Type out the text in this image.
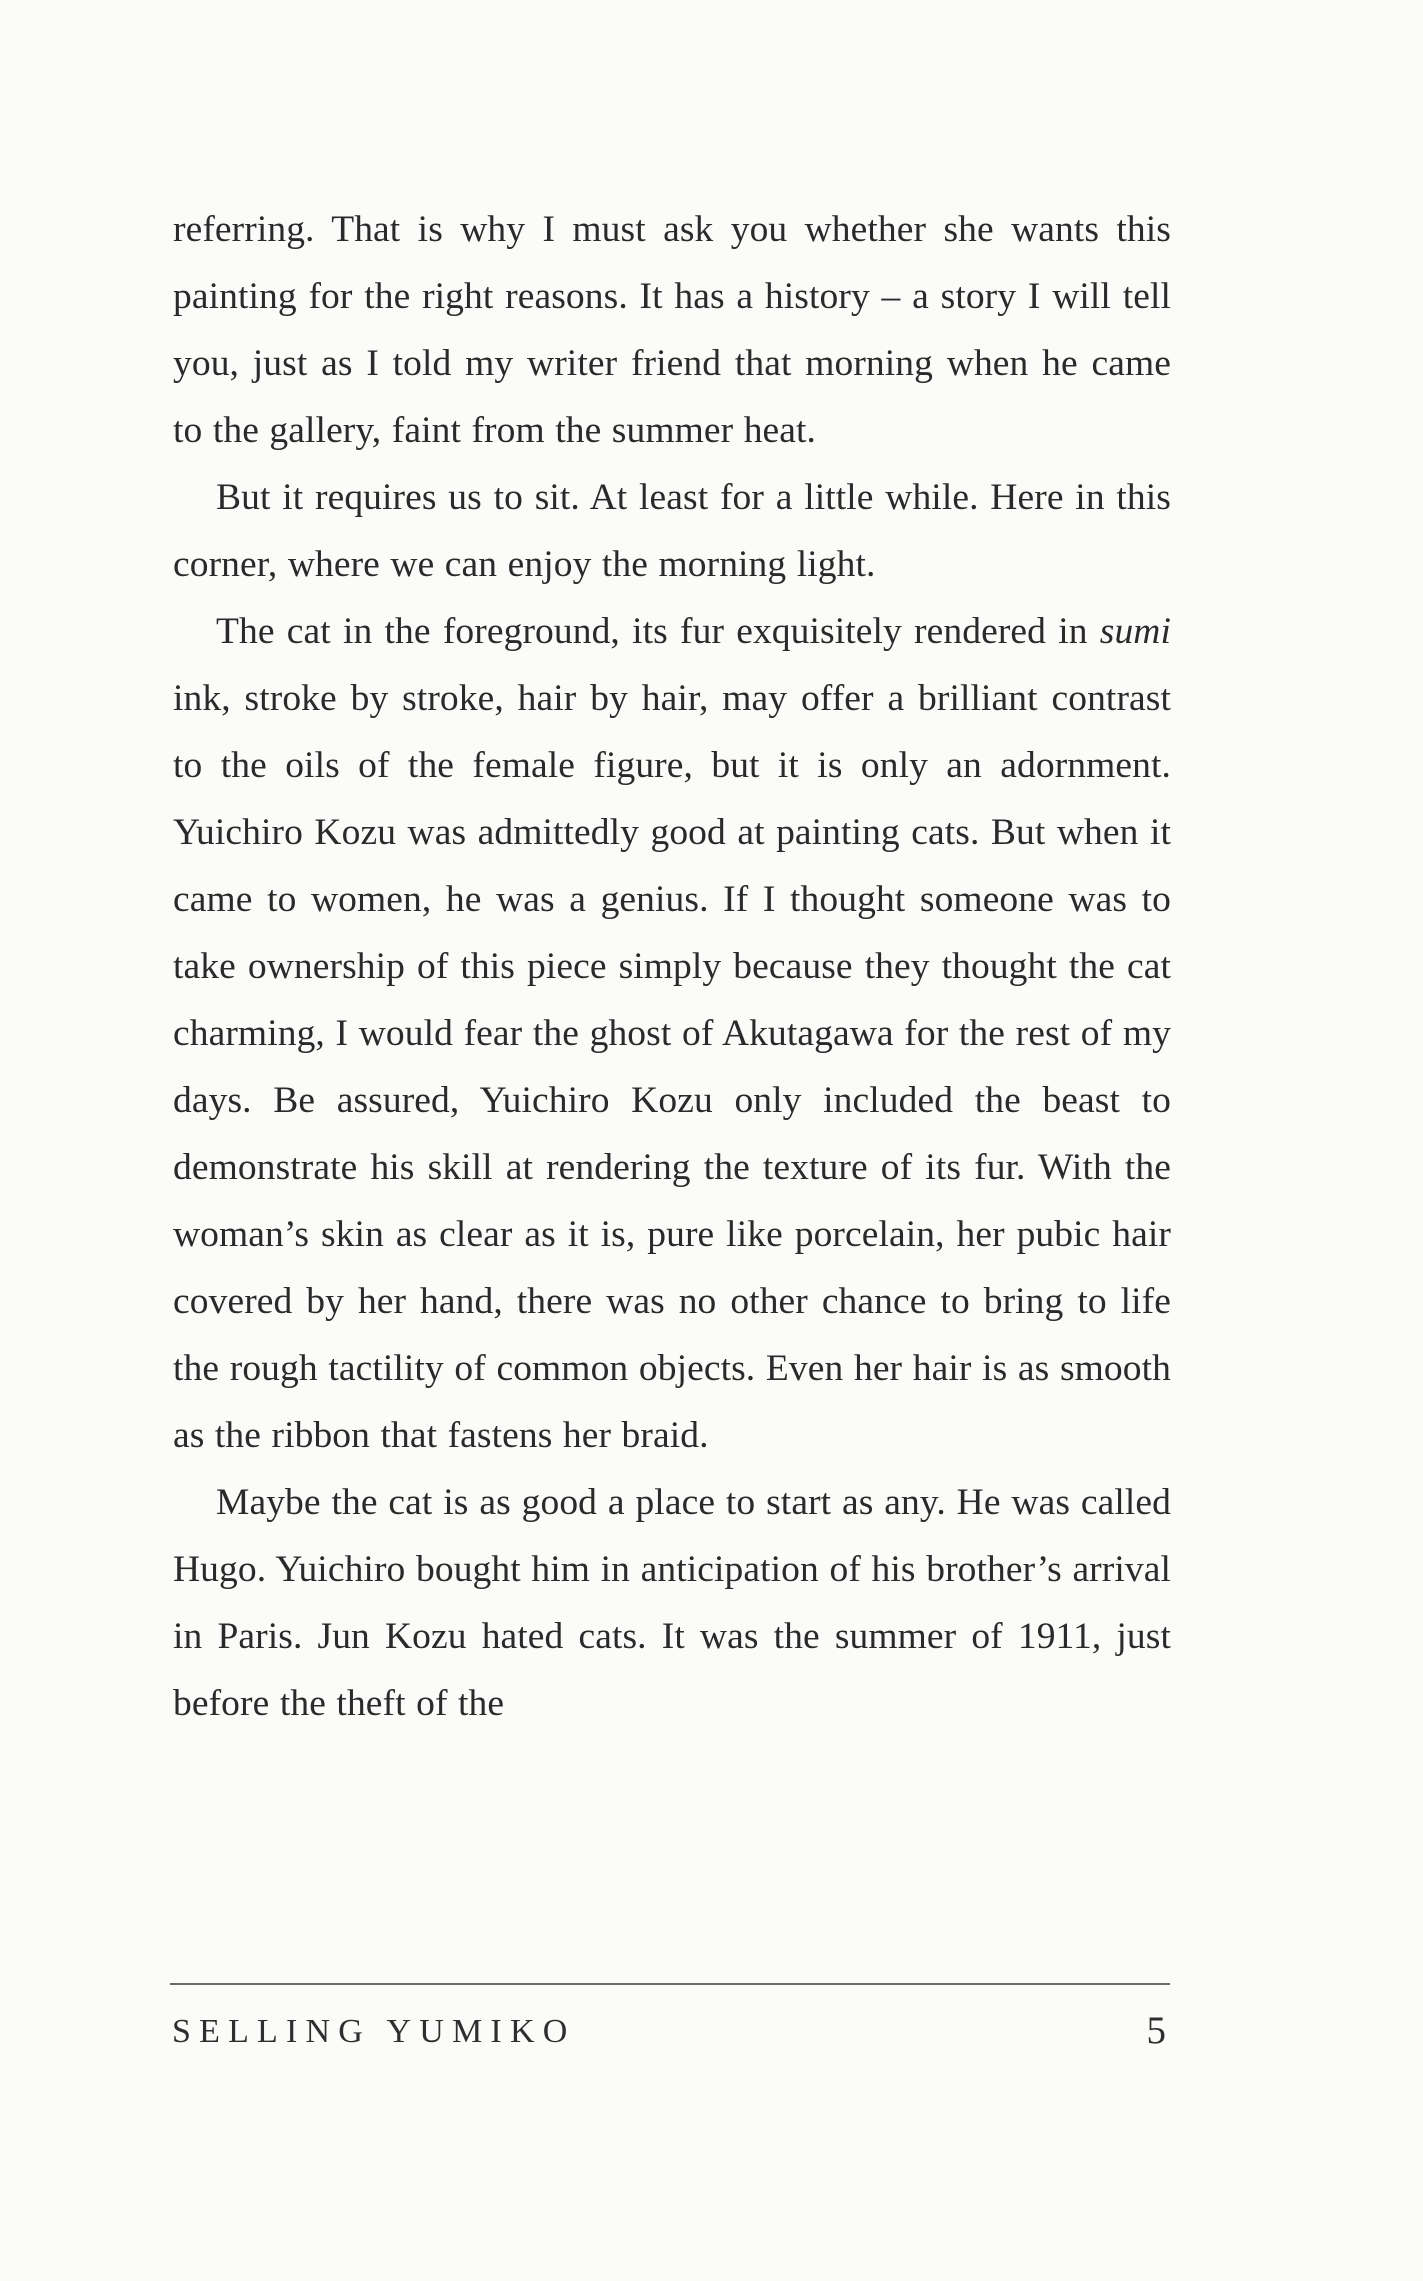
referring. That is why I must ask you whether she wants this painting for the right reasons. It has a history – a story I will tell you, just as I told my writer friend that morning when he came to the gallery, faint from the summer heat.

But it requires us to sit. At least for a little while. Here in this corner, where we can enjoy the morning light.

The cat in the foreground, its fur exquisitely rendered in sumi ink, stroke by stroke, hair by hair, may offer a brilliant contrast to the oils of the female figure, but it is only an adornment. Yuichiro Kozu was admittedly good at painting cats. But when it came to women, he was a genius. If I thought someone was to take ownership of this piece simply because they thought the cat charming, I would fear the ghost of Akutagawa for the rest of my days. Be assured, Yuichiro Kozu only included the beast to demonstrate his skill at rendering the texture of its fur. With the woman’s skin as clear as it is, pure like porcelain, her pubic hair covered by her hand, there was no other chance to bring to life the rough tactility of common objects. Even her hair is as smooth as the ribbon that fastens her braid.

Maybe the cat is as good a place to start as any. He was called Hugo. Yuichiro bought him in anticipation of his brother’s arrival in Paris. Jun Kozu hated cats. It was the summer of 1911, just before the theft of the

SELLING YUMIKO	5
